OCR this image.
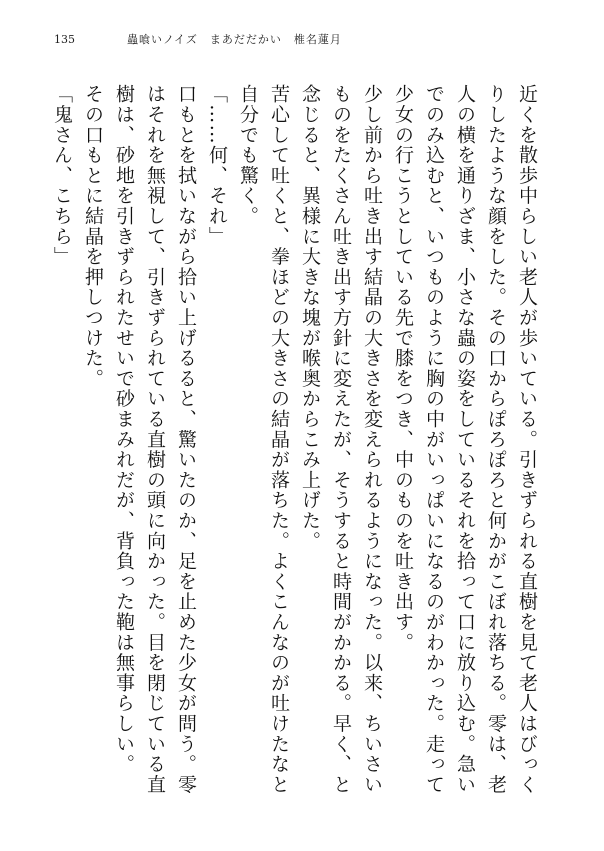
135	蟲喰いノイズ　まあだだかい　椎名蓮月
近くを散歩中らしい老人が歩いている。引きずられる直樹を見て老人はびっくりしたような顔をした。その口からぽろぽろと何かがこぼれ落ちる。零は、老人の横を通りざま、小さな蟲の姿をしているそれを拾って口に放り込む。急いでのみ込むと、いつものように胸の中がいっぱいになるのがわかった。走って少女の行こうとしている先で膝をつき、中のものを吐き出す。
少し前から吐き出す結晶の大きさを変えられるようになった。以来、ちいさいものをたくさん吐き出す方針に変えたが、そうすると時間がかかる。早く、と念じると、異様に大きな塊が喉奥からこみ上げた。
苦心して吐くと、拳ほどの大きさの結晶が落ちた。よくこんなのが吐けたなと自分でも驚く。
「……何、それ」
口もとを拭いながら拾い上げるると、驚いたのか、足を止めた少女が問う。零はそれを無視して、引きずられている直樹の頭に向かった。目を閉じている直樹は、砂地を引きずられたせいで砂まみれだが、背負った鞄は無事らしい。
その口もとに結晶を押しつけた。
「鬼さん、こちら」
